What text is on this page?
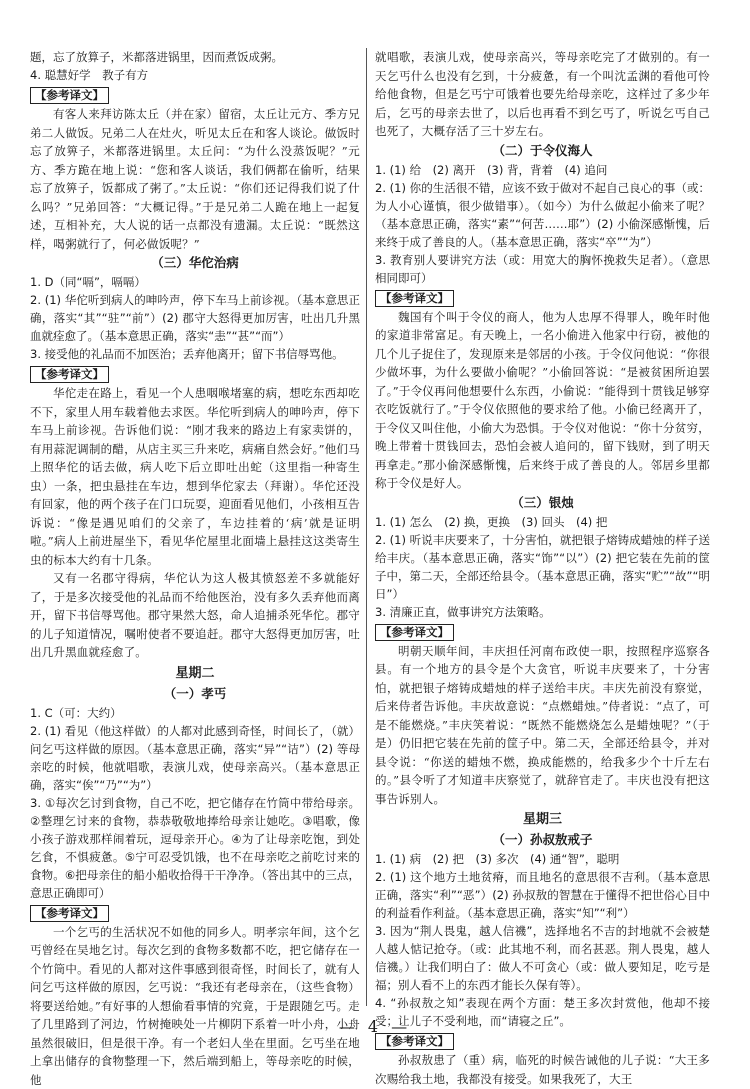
题，忘了放算子，米都落进锅里，因而煮饭成粥。

4. 聪慧好学　教子有方

【参考译文】

有客人来拜访陈太丘（并在家）留宿，太丘让元方、季方兄弟二人做饭。兄弟二人在灶火，听见太丘在和客人谈论。做饭时忘了放箅子，米都落进锅里。太丘问：“为什么没蒸饭呢？”元方、季方跪在地上说：“您和客人谈话，我们俩都在偷听，结果忘了放箅子，饭都成了粥了。”太丘说：“你们还记得我们说了什么吗？”兄弟回答：“大概记得。”于是兄弟二人跪在地上一起复述，互相补充，大人说的话一点都没有遗漏。太丘说：“既然这样，喝粥就行了，何必做饭呢？”

（三）华佗治病

1. D（同“嗝”，嗝嗝）

2. (1) 华佗听到病人的呻吟声，停下车马上前诊视。（基本意思正确，落实“其”“驻”“前”）(2) 郡守大怒得更加厉害，吐出几升黑血就痊愈了。（基本意思正确，落实“恚”“甚”“而”）

3. 接受他的礼品而不加医治；丢弃他离开；留下书信辱骂他。

【参考译文】

华佗走在路上，看见一个人患咽喉堵塞的病，想吃东西却吃不下，家里人用车载着他去求医。华佗听到病人的呻吟声，停下车马上前诊视。告诉他们说：“刚才我来的路边上有家卖饼的，有用蒜泥调制的醋，从店主买三升来吃，病痛自然会好。”他们马上照华佗的话去做，病人吃下后立即吐出蛇（这里指一种寄生虫）一条，把虫悬挂在车边，想到华佗家去（拜谢）。华佗还没有回家，他的两个孩子在门口玩耍，迎面看见他们，小孩相互告诉说：“像是遇见咱们的父亲了，车边挂着的‘病’就是证明啦。”病人上前进屋坐下，看见华佗屋里北面墙上悬挂这这类寄生虫的标本大约有十几条。

又有一名郡守得病，华佗认为这人极其愤怒差不多就能好了，于是多次接受他的礼品而不给他医治，没有多久丢弃他而离开，留下书信辱骂他。郡守果然大怒，命人追捕杀死华佗。郡守的儿子知道情况，嘱咐使者不要追赶。郡守大怒得更加厉害，吐出几升黑血就痊愈了。

星期二
（一）孝丐

1. C（可：大约）

2. (1) 看见（他这样做）的人都对此感到奇怪，时间长了，（就）问乞丐这样做的原因。（基本意思正确，落实“异”“诘”）(2) 等母亲吃的时候，他就唱歌，表演儿戏，使母亲高兴。（基本意思正确，落实“俟”“乃”“为”）

3. ①每次乞讨到食物，自己不吃，把它储存在竹筒中带给母亲。②整理乞讨来的食物，恭恭敬敬地捧给母亲让她吃。③唱歌，像小孩子游戏那样闹着玩，逗母亲开心。④为了让母亲吃饱，到处乞食，不惧疲惫。⑤宁可忍受饥饿，也不在母亲吃之前吃讨来的食物。⑥把母亲住的船小船收拾得干干净净。（答出其中的三点，意思正确即可）

【参考译文】

一个乞丐的生活状况不如他的同乡人。明孝宗年间，这个乞丐曾经在吴地乞讨。每次乞到的食物多数都不吃，把它储存在一个竹筒中。看见的人都对这件事感到很奇怪，时间长了，就有人问乞丐这样做的原因，乞丐说：“我还有老母亲在，（这些食物）将要送给她。”有好事的人想偷看事情的究竟，于是跟随乞丐。走了几里路到了河边，竹树掩映处一片柳阴下系着一叶小舟，小舟虽然很破旧，但是很干净。有一个老妇人坐在里面。乞丐坐在地上拿出储存的食物整理一下，然后端到船上，等母亲吃的时候，他

就唱歌，表演儿戏，使母亲高兴，等母亲吃完了才做别的。有一天乞丐什么也没有乞到，十分疲惫，有一个叫沈孟渊的看他可怜给他食物，但是乞丐宁可饿着也要先给母亲吃，这样过了多少年后，乞丐的母亲去世了，以后也再看不到乞丐了，听说乞丐自己也死了，大概存活了三十岁左右。

（二）于令仪海人

1. (1) 给　(2) 离开　(3) 背，背着　(4) 追问

2. (1) 你的生活很不错，应该不致于做对不起自己良心的事（或：为人小心谨慎，很少做错事）。（如今）为什么做起小偷来了呢？（基本意思正确，落实“素”“何苦……耶”）(2) 小偷深感惭愧，后来终于成了善良的人。（基本意思正确，落实“卒”“为”）

3. 教育别人要讲究方法（或：用宽大的胸怀挽救失足者）。（意思相同即可）

【参考译文】

魏国有个叫于令仪的商人，他为人忠厚不得罪人，晚年时他的家道非常富足。有天晚上，一名小偷进入他家中行窃，被他的几个儿子捉住了，发现原来是邻居的小孩。于令仪问他说：“你很少做坏事，为什么要做小偷呢？”小偷回答说：“是被贫困所迫罢了。”于令仪再问他想要什么东西，小偷说：“能得到十贯钱足够穿衣吃饭就行了。”于令仪依照他的要求给了他。小偷已经离开了，于令仪又叫住他，小偷大为恐惧。于令仪对他说：“你十分贫穷，晚上带着十贯钱回去，恐怕会被人追问的，留下钱财，到了明天再拿走。”那小偷深感惭愧，后来终于成了善良的人。邻居乡里都称于令仪是好人。

（三）银烛

1. (1) 怎么　(2) 换，更换　(3) 回头　(4) 把

2. (1) 听说丰庆要来了，十分害怕，就把银子熔铸成蜡烛的样子送给丰庆。（基本意思正确，落实“饰”“以”）(2) 把它装在先前的筐子中，第二天，全部还给县令。（基本意思正确，落实“贮”“故”“明日”）

3. 清廉正直，做事讲究方法策略。

【参考译文】

明朝天顺年间，丰庆担任河南布政使一职，按照程序巡察各县。有一个地方的县令是个大贪官，听说丰庆要来了，十分害怕，就把银子熔铸成蜡烛的样子送给丰庆。丰庆先前没有察觉，后来侍者告诉他。丰庆故意说：“点燃蜡烛。”侍者说：“点了，可是不能燃烧。”丰庆笑着说：“既然不能燃烧怎么是蜡烛呢？”（于是）仍旧把它装在先前的筐子中。第二天，全部还给县令，并对县令说：“你送的蜡烛不燃，换成能燃的，给我多少个十斤左右的。”县令听了才知道丰庆察觉了，就辞官走了。丰庆也没有把这事告诉别人。

星期三
（一）孙叔敖戒子

1. (1) 病　(2) 把　(3) 多次　(4) 通“智”，聪明

2. (1) 这个地方土地贫瘠，而且地名的意思很不吉利。（基本意思正确，落实“利”“恶”）(2) 孙叔敖的智慧在于懂得不把世俗心目中的利益看作利益。（基本意思正确，落实“知”“利”）

3. 因为“荆人畏鬼，越人信禨”，选择地名不吉的封地就不会被楚人越人惦记抢夺。（或：此其地不利，而名甚恶。荆人畏鬼，越人信禨。）让我们明白了：做人不可贪心（或：做人要知足，吃亏是福；别人看不上的东西才能长久保有等）。

4. “孙叔敖之知”表现在两个方面：楚王多次封赏他，他却不接受；让儿子不受利地，而“请寝之丘”。

【参考译文】

孙叔敖患了（重）病，临死的时候告诫他的儿子说：“大王多次赐给我土地，我都没有接受。如果我死了，大王

— 4 —
